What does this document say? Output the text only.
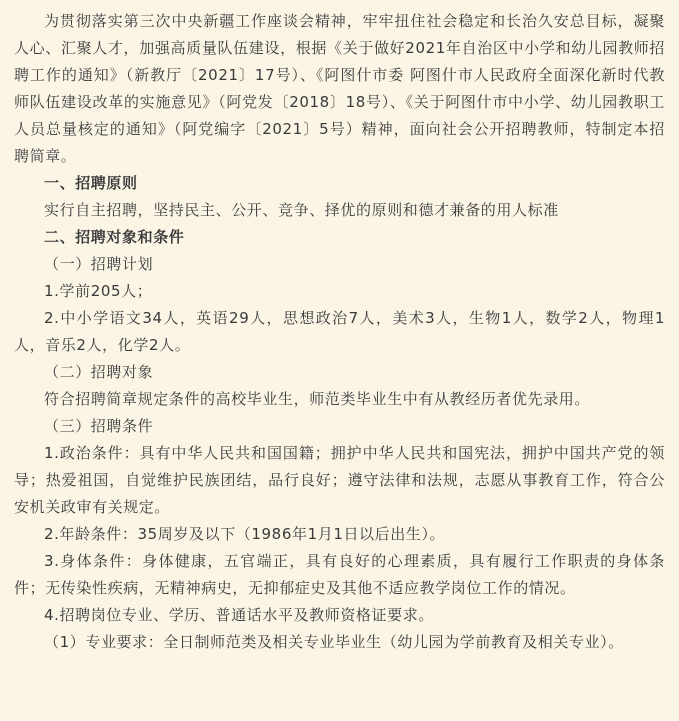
为贯彻落实第三次中央新疆工作座谈会精神，牢牢扭住社会稳定和长治久安总目标，凝聚人心、汇聚人才，加强高质量队伍建设，根据《关于做好2021年自治区中小学和幼儿园教师招聘工作的通知》（新教厅〔2021〕17号）、《阿图什市委 阿图什市人民政府全面深化新时代教师队伍建设改革的实施意见》（阿党发〔2018〕18号）、《关于阿图什市中小学、幼儿园教职工人员总量核定的通知》（阿党编字〔2021〕5号）精神，面向社会公开招聘教师，特制定本招聘简章。

一、招聘原则

实行自主招聘，坚持民主、公开、竞争、择优的原则和德才兼备的用人标准

二、招聘对象和条件

（一）招聘计划

1.学前205人；

2.中小学语文34人，英语29人，思想政治7人，美术3人，生物1人，数学2人，物理1人，音乐2人，化学2人。

（二）招聘对象

符合招聘简章规定条件的高校毕业生，师范类毕业生中有从教经历者优先录用。

（三）招聘条件

1.政治条件：具有中华人民共和国国籍；拥护中华人民共和国宪法，拥护中国共产党的领导；热爱祖国，自觉维护民族团结，品行良好；遵守法律和法规，志愿从事教育工作，符合公安机关政审有关规定。

2.年龄条件：35周岁及以下（1986年1月1日以后出生）。

3.身体条件：身体健康，五官端正，具有良好的心理素质，具有履行工作职责的身体条件；无传染性疾病，无精神病史，无抑郁症史及其他不适应教学岗位工作的情况。

4.招聘岗位专业、学历、普通话水平及教师资格证要求。

（1）专业要求：全日制师范类及相关专业毕业生（幼儿园为学前教育及相关专业）。
